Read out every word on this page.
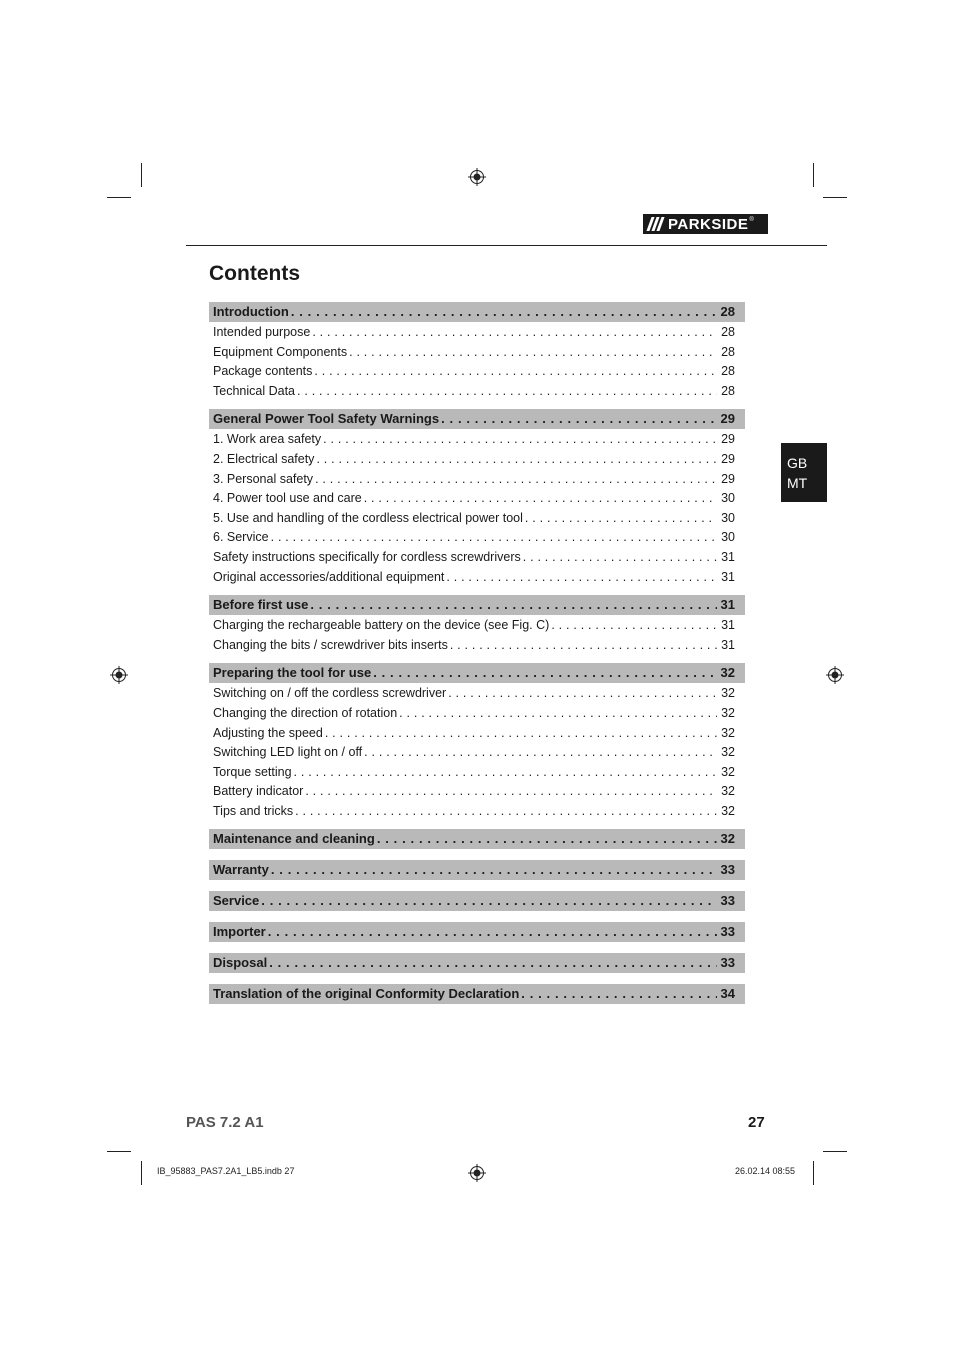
PARKSIDE ®
Contents
Introduction . . .	28
Intended purpose . . .	28
Equipment Components . . .	28
Package contents . . .	28
Technical Data . . .	28
General Power Tool Safety Warnings . . .	29
1. Work area safety . . .	29
2. Electrical safety . . .	29
3. Personal safety . . .	29
4. Power tool use and care . . .	30
5. Use and handling of the cordless electrical power tool . . .	30
6. Service . . .	30
Safety instructions specifically for cordless screwdrivers . . .	31
Original accessories/additional equipment . . .	31
Before first use . . .	31
Charging the rechargeable battery on the device (see Fig. C) . . .	31
Changing the bits / screwdriver bits inserts . . .	31
Preparing the tool for use . . .	32
Switching on / off the cordless screwdriver . . .	32
Changing the direction of rotation . . .	32
Adjusting the speed . . .	32
Switching LED light on / off . . .	32
Torque setting . . .	32
Battery indicator . . .	32
Tips and tricks . . .	32
Maintenance and cleaning . . .	32
Warranty . . .	33
Service . . .	33
Importer . . .	33
Disposal . . .	33
Translation of the original Conformity Declaration . . .	34
GB
MT
PAS 7.2 A1	27
IB_95883_PAS7.2A1_LB5.indb 27	26.02.14 08:55
